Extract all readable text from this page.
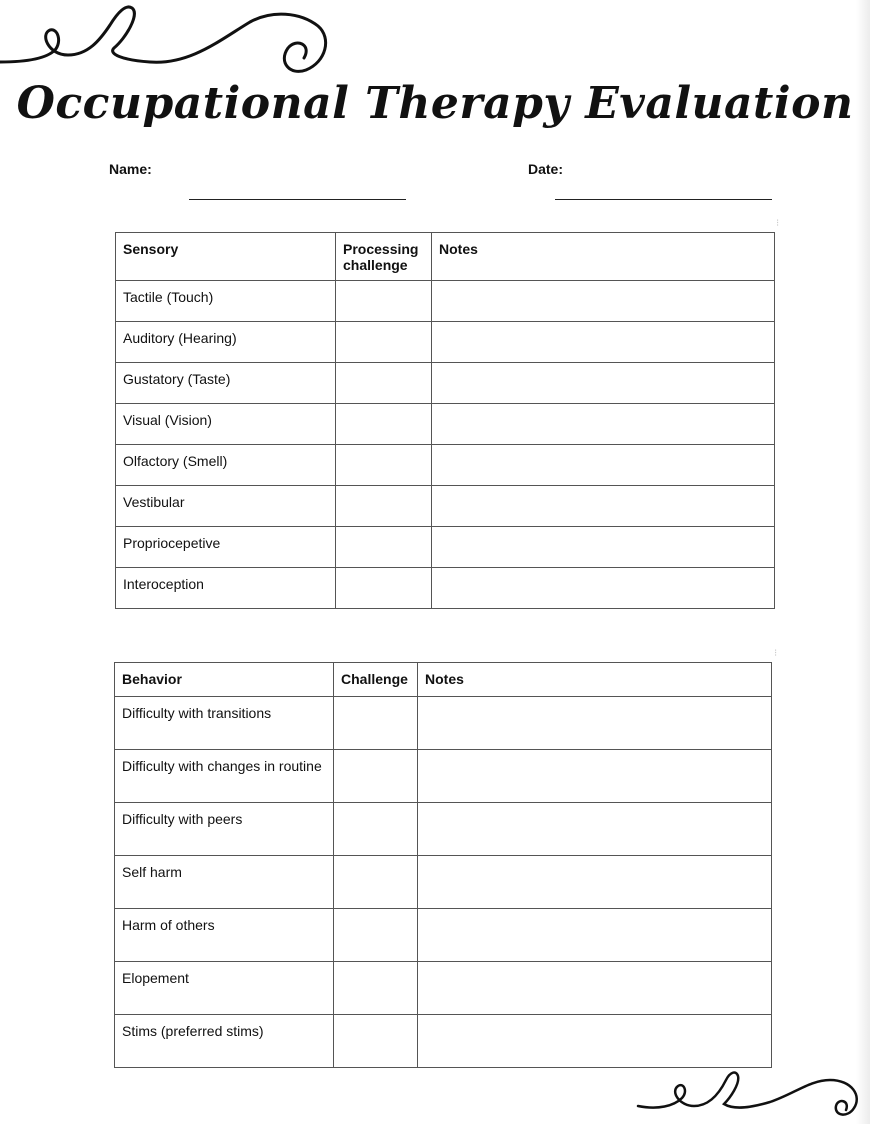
Occupational Therapy Evaluation
Name:	Date:
⁝
Sensory	Processing challenge	Notes
Tactile (Touch)		
Auditory (Hearing)		
Gustatory (Taste)		
Visual (Vision)		
Olfactory (Smell)		
Vestibular		
Propriocepetive		
Interoception		
⁝
Behavior	Challenge	Notes
Difficulty with transitions		
Difficulty with changes in routine		
Difficulty with peers		
Self harm		
Harm of others		
Elopement		
Stims (preferred stims)		
